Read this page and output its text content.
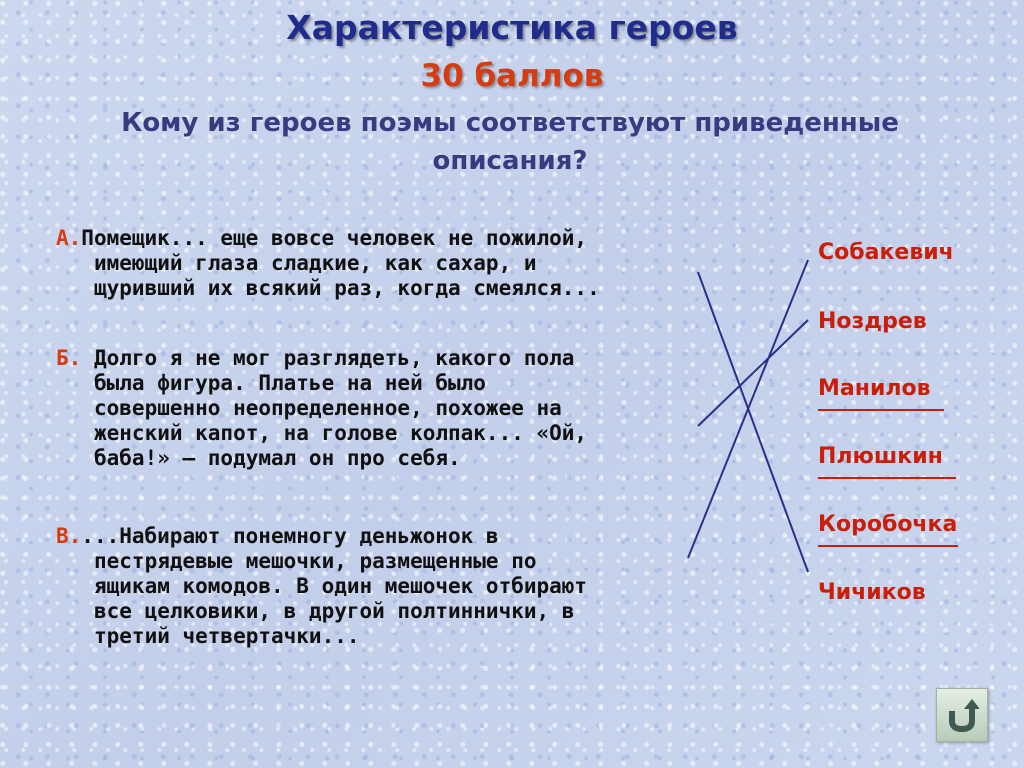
Характеристика героев
30 баллов
Кому из героев поэмы соответствуют приведенные описания?
А.Помещик... еще вовсе человек не пожилой,
имеющий глаза сладкие, как сахар, и
щуривший их всякий раз, когда смеялся...
Б. Долго я не мог разглядеть, какого пола
была фигура. Платье на ней было
совершенно неопределенное, похожее на
женский капот, на голове колпак... «Ой,
баба!» — подумал он про себя.
В....Набирают понемногу деньжонок в
пестрядевые мешочки, размещенные по
ящикам комодов. В один мешочек отбирают
все целковики, в другой полтиннички, в
третий четвертачки...
Собакевич
Ноздрев
Манилов
Плюшкин
Коробочка
Чичиков
